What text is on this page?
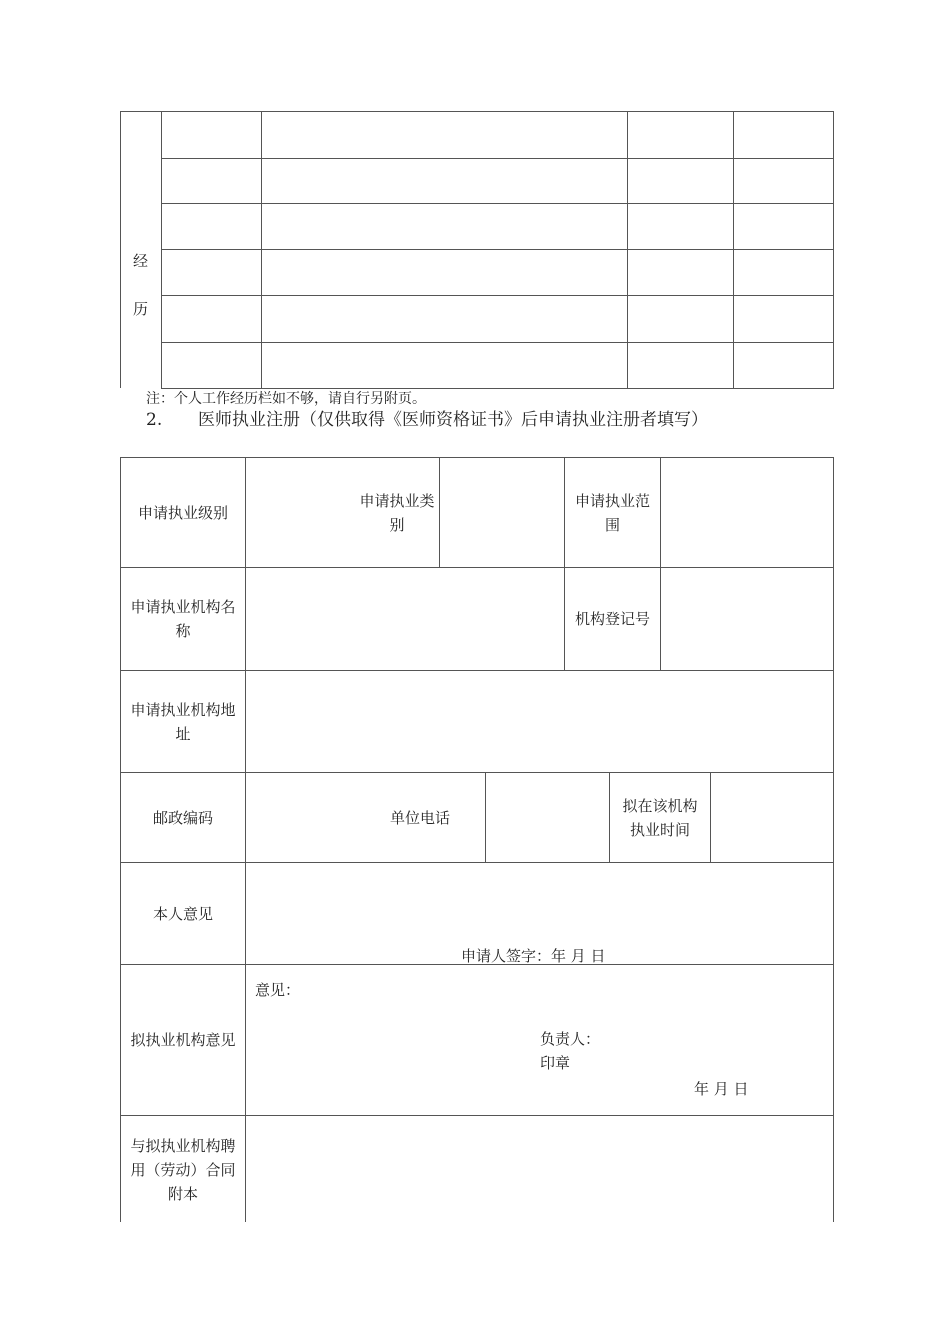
经
历
注：个人工作经历栏如不够，请自行另附页。
2. 医师执业注册（仅供取得《医师资格证书》后申请执业注册者填写）
申请执业级别
申请执业类
别
申请执业范
围
申请执业机构名
称
机构登记号
申请执业机构地
址
邮政编码	单位电话
拟在该机构
执业时间
本人意见
申请人签字：年 月 日
拟执业机构意见
意见：
负责人：
印章
年 月 日
与拟执业机构聘
用（劳动）合同
附本
